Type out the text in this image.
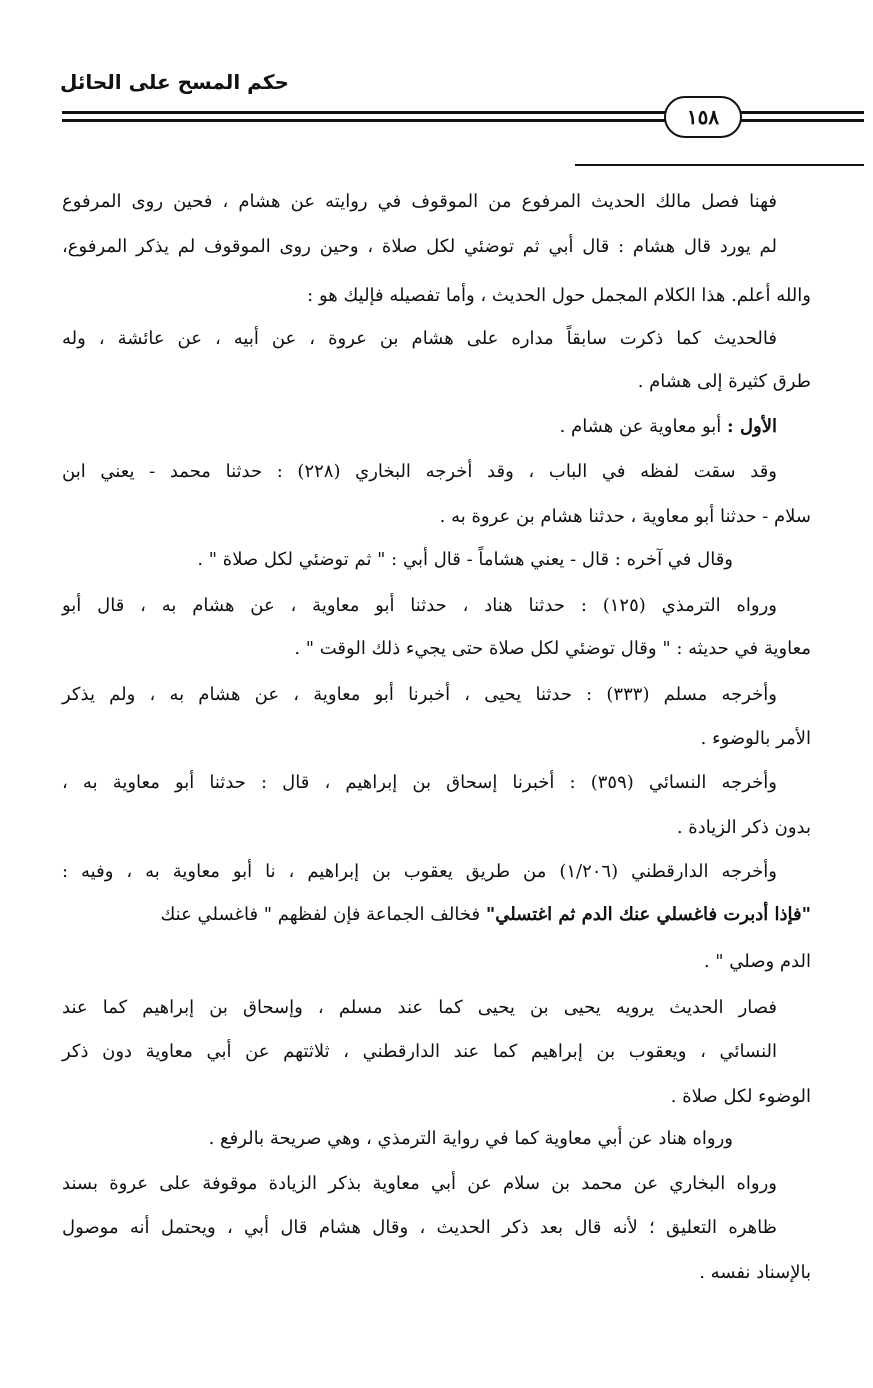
حكم المسح على الحائل
١٥٨
فهنا فصل مالك الحديث المرفوع من الموقوف في روايته عن هشام ، فحين روى المرفوع
لم يورد قال هشام : قال أبي ثم توضئي لكل صلاة ، وحين روى الموقوف لم يذكر المرفوع،
والله أعلم. هذا الكلام المجمل حول الحديث ، وأما تفصيله فإليك هو :
فالحديث كما ذكرت سابقاً مداره على هشام بن عروة ، عن أبيه ، عن عائشة ، وله
طرق كثيرة إلى هشام .
الأول : أبو معاوية عن هشام .
وقد سقت لفظه في الباب ، وقد أخرجه البخاري (٢٢٨) : حدثنا محمد - يعني ابن
سلام - حدثنا أبو معاوية ، حدثنا هشام بن عروة به .
وقال في آخره : قال - يعني هشاماً - قال أبي : " ثم توضئي لكل صلاة " .
ورواه الترمذي (١٢٥) : حدثنا هناد ، حدثنا أبو معاوية ، عن هشام به ، قال أبو
معاوية في حديثه : " وقال توضئي لكل صلاة حتى يجيء ذلك الوقت " .
وأخرجه مسلم (٣٣٣) : حدثنا يحيى ، أخبرنا أبو معاوية ، عن هشام به ، ولم يذكر
الأمر بالوضوء .
وأخرجه النسائي (٣٥٩) : أخبرنا إسحاق بن إبراهيم ، قال : حدثنا أبو معاوية به ،
بدون ذكر الزيادة .
وأخرجه الدارقطني (١/٢٠٦) من طريق يعقوب بن إبراهيم ، نا أبو معاوية به ، وفيه :
"فإذا أدبرت فاغسلي عنك الدم ثم اغتسلي" فخالف الجماعة فإن لفظهم " فاغسلي عنك
الدم وصلي " .
فصار الحديث يرويه يحيى بن يحيى كما عند مسلم ، وإسحاق بن إبراهيم كما عند
النسائي ، ويعقوب بن إبراهيم كما عند الدارقطني ، ثلاثتهم عن أبي معاوية دون ذكر
الوضوء لكل صلاة .
ورواه هناد عن أبي معاوية كما في رواية الترمذي ، وهي صريحة بالرفع .
ورواه البخاري عن محمد بن سلام عن أبي معاوية بذكر الزيادة موقوفة على عروة بسند
ظاهره التعليق ؛ لأنه قال بعد ذكر الحديث ، وقال هشام قال أبي ، ويحتمل أنه موصول
بالإسناد نفسه .
